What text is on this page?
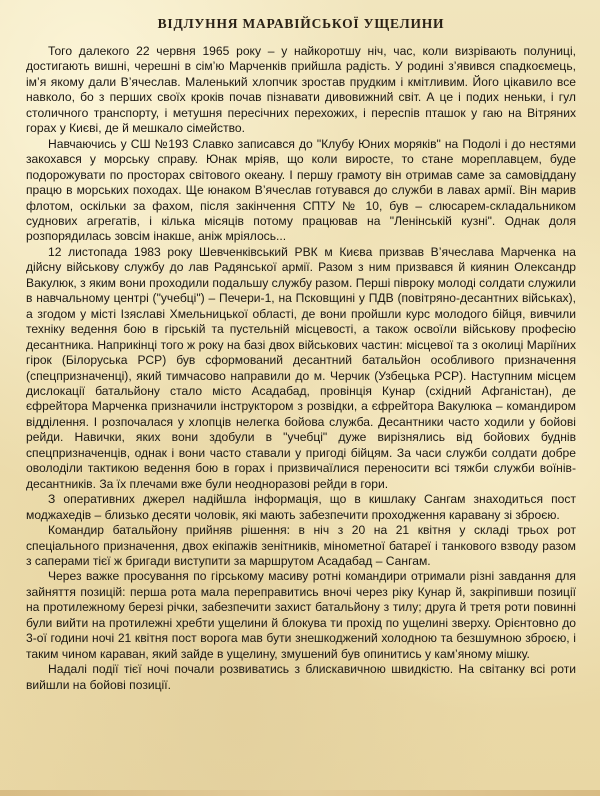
ВІДЛУННЯ МАРАВІЙСЬКОЇ УЩЕЛИНИ

Того далекого 22 червня 1965 року – у найкоротшу ніч, час, коли визрівають полуниці, достигають вишні, черешні в сім’ю Марченків прийшла радість. У родині з’явився спадкоємець, ім’я якому дали В’ячеслав. Маленький хлопчик зростав прудким і кмітливим. Його цікавило все навколо, бо з перших своїх кроків почав пізнавати дивовижний світ. А це і подих неньки, і гул столичного транспорту, і метушня пересічних перехожих, і переспів пташок у гаю на Вітряних горах у Києві, де й мешкало сімейство.

Навчаючись у СШ №193 Славко записався до "Клубу Юних моряків" на Подолі і до нестями закохався у морську справу. Юнак мріяв, що коли виросте, то стане мореплавцем, буде подорожувати по просторах світового океану. І першу грамоту він отримав саме за самовіддану працю в морських походах. Ще юнаком В’ячеслав готувався до служби в лавах армії. Він марив флотом, оскільки за фахом, після закінчення СПТУ № 10, був – слюсарем-складальником суднових агрегатів, і кілька місяців потому працював на "Ленінській кузні". Однак доля розпорядилась зовсім інакше, аніж мріялось...

12 листопада 1983 року Шевченківський РВК м Києва призвав В’ячеслава Марченка на дійсну військову службу до лав Радянської армії. Разом з ним призвався й киянин Олександр Вакулюк, з яким вони проходили подальшу службу разом. Перші півроку молоді солдати служили в навчальному центрі ("учебці") – Печери-1, на Псковщині у ПДВ (повітряно-десантних військах), а згодом у місті Ізяславі Хмельницької області, де вони пройшли курс молодого бійця, вивчили техніку ведення бою в гірській та пустельній місцевості, а також освоїли військову професію десантника. Наприкінці того ж року на базі двох військових частин: місцевої та з околиці Маріїних гірок (Білоруська РСР) був сформований десантний батальйон особливого призначення (спецпризначенці), який тимчасово направили до м. Черчик (Узбецька РСР). Наступним місцем дислокації батальйону стало місто Асадабад, провінція Кунар (східний Афганістан), де єфрейтора Марченка призначили інструктором з розвідки, а єфрейтора Вакулюка – командиром відділення. І розпочалася у хлопців нелегка бойова служба. Десантники часто ходили у бойові рейди. Навички, яких вони здобули в "учебці" дуже вирізнялись від бойових буднів спецпризначенців, однак і вони часто ставали у пригоді бійцям. За часи служби солдати добре оволоділи тактикою ведення бою в горах і призвичаїлися переносити всі тяжби служби воїнів-десантників. За їх плечами вже були неодноразові рейди в гори.

З оперативних джерел надійшла інформація, що в кишлаку Сангам знаходиться пост моджахедів – близько десяти чоловік, які мають забезпечити проходження каравану зі зброєю.

Командир батальйону прийняв рішення: в ніч з 20 на 21 квітня у складі трьох рот спеціального призначення, двох екіпажів зенітників, мінометної батареї і танкового взводу разом з саперами тієї ж бригади виступити за маршрутом Асадабад – Сангам.

Через важке просування по гірському масиву ротні командири отримали різні завдання для зайняття позицій: перша рота мала переправитись вночі через ріку Кунар й, закріпивши позиції на протилежному березі річки, забезпечити захист батальйону з тилу; друга й третя роти повинні були вийти на протилежні хребти ущелини й блокува ти прохід по ущелині зверху. Орієнтовно до 3-ої години ночі 21 квітня пост ворога мав бути знешкоджений холодною та безшумною зброєю, і таким чином караван, який зайде в ущелину, змушений був опинитись у кам’яному мішку.

Надалі події тієї ночі почали розвиватись з блискавичною швидкістю. На світанку всі роти вийшли на бойові позиції.
